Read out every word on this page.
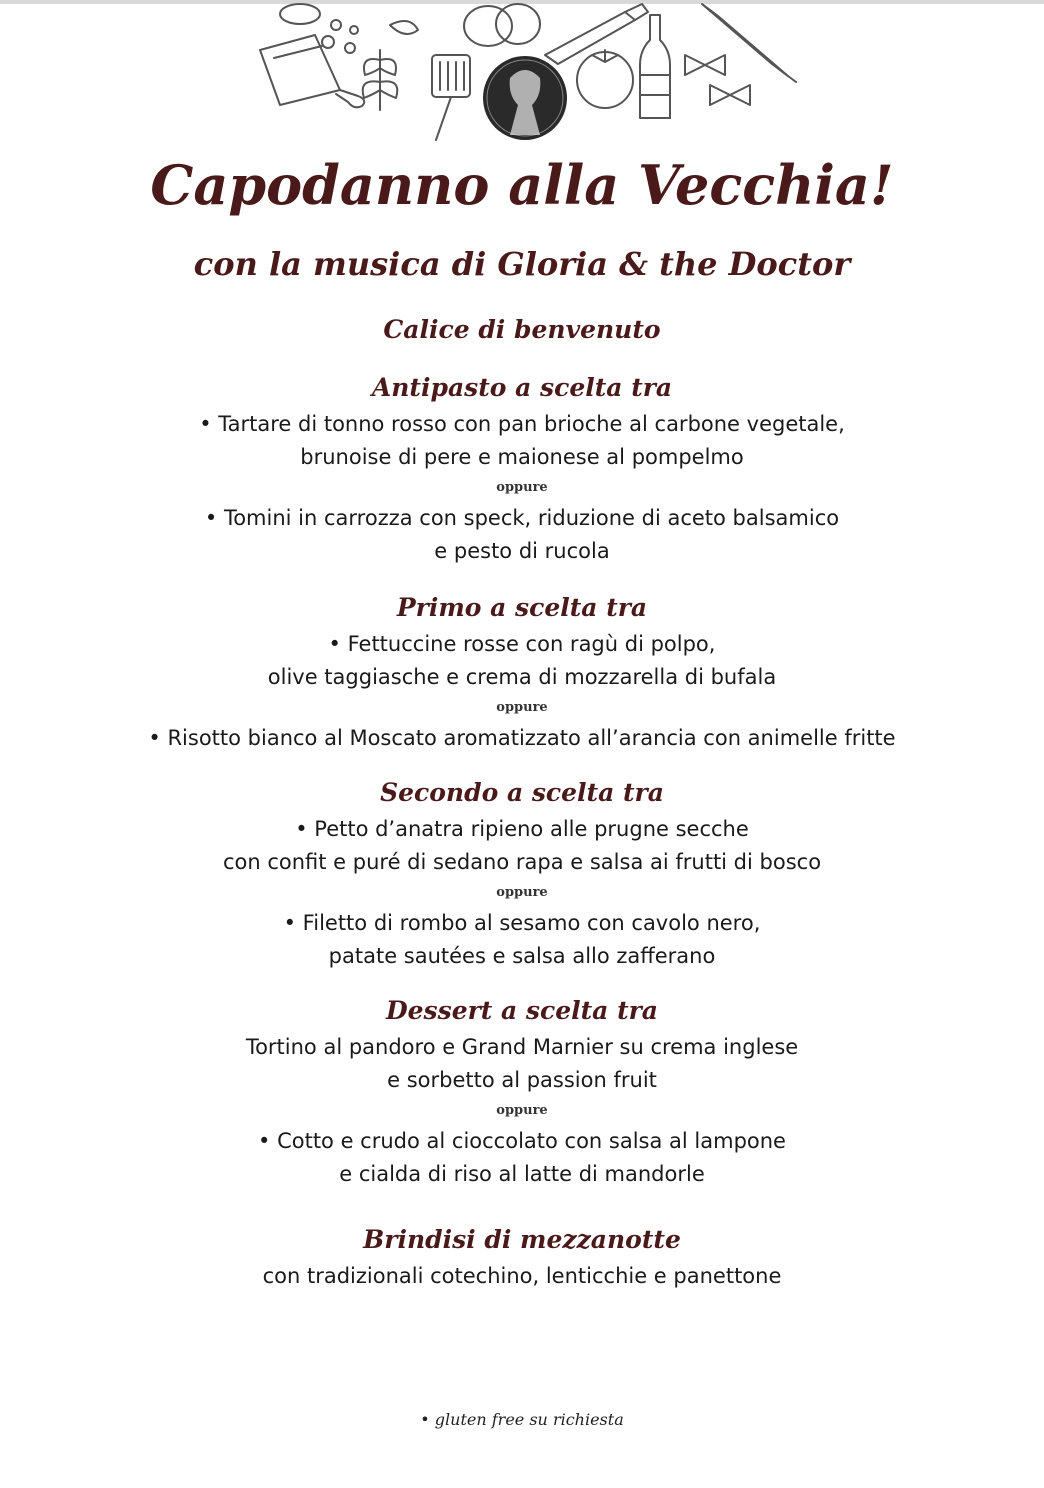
Capodanno alla Vecchia!
con la musica di Gloria & the Doctor
Calice di benvenuto
Antipasto a scelta tra
• Tartare di tonno rosso con pan brioche al carbone vegetale,
brunoise di pere e maionese al pompelmo
oppure
• Tomini in carrozza con speck, riduzione di aceto balsamico
e pesto di rucola
Primo a scelta tra
• Fettuccine rosse con ragù di polpo,
olive taggiasche e crema di mozzarella di bufala
oppure
• Risotto bianco al Moscato aromatizzato all’arancia con animelle fritte
Secondo a scelta tra
• Petto d’anatra ripieno alle prugne secche
con confit e puré di sedano rapa e salsa ai frutti di bosco
oppure
• Filetto di rombo al sesamo con cavolo nero,
patate sautées e salsa allo zafferano
Dessert a scelta tra
Tortino al pandoro e Grand Marnier su crema inglese
e sorbetto al passion fruit
oppure
• Cotto e crudo al cioccolato con salsa al lampone
e cialda di riso al latte di mandorle
Brindisi di mezzanotte
con tradizionali cotechino, lenticchie e panettone
• gluten free su richiesta
